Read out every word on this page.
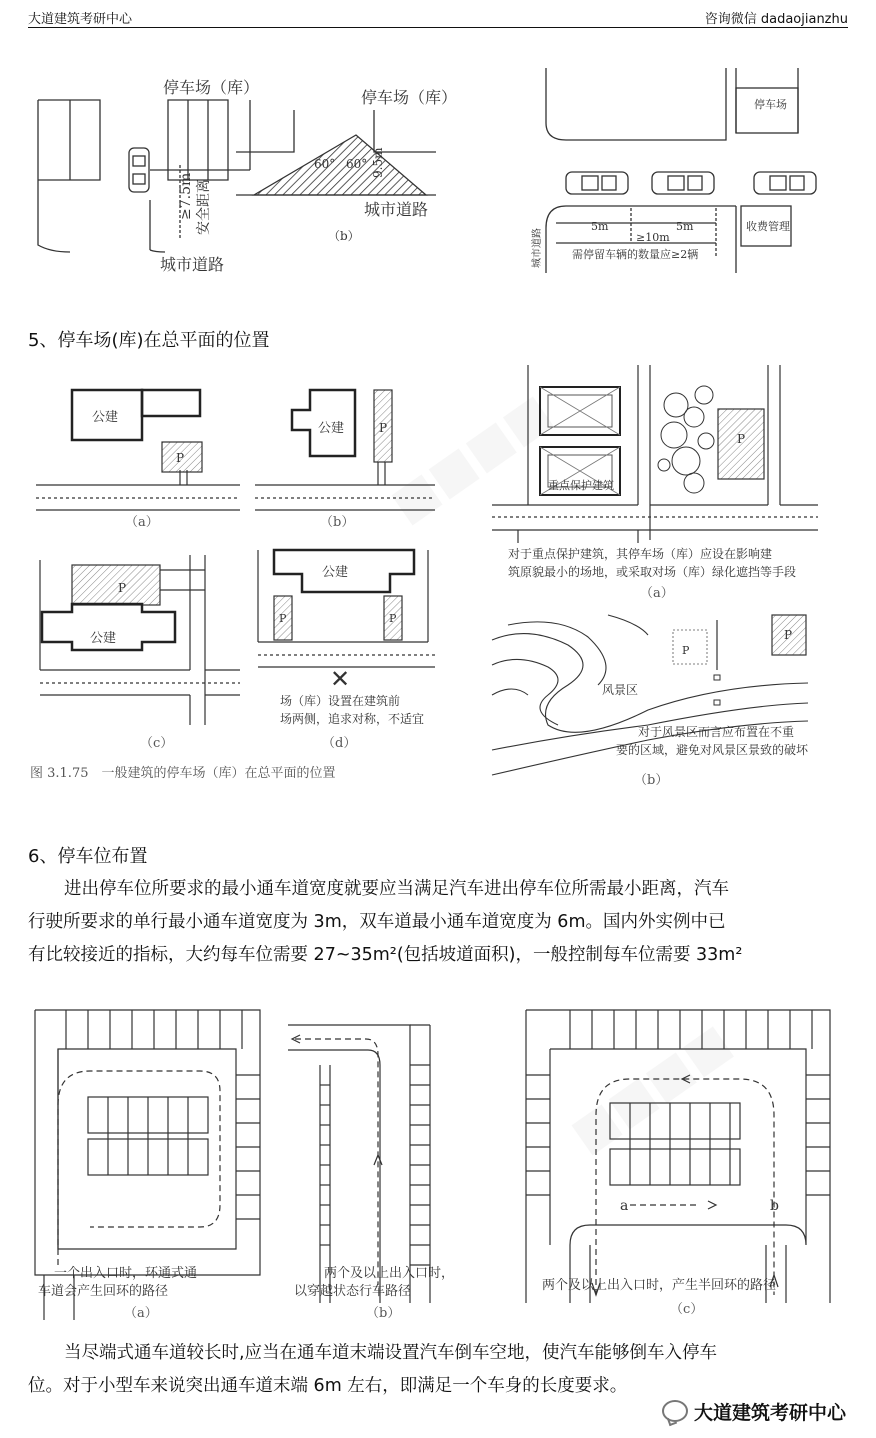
大道建筑考研中心	咨询微信 dadaojianzhu
停车场（库）
≥7.5m 安全距离
城市道路
停车场（库）
60° 60° 9.5m
城市道路
（b）
停车场
收费管理
城市道路
5m	5m
≥10m
需停留车辆的数量应≥2辆
5、停车场(库)在总平面的位置
公建
P
（a）
公建	P
（b）
P
公建
（c）
公建
P	P
✕
场（库）设置在建筑前
场两侧，追求对称，不适宜
（d）
图 3.1.75　一般建筑的停车场（库）在总平面的位置
重点保护建筑
P
对于重点保护建筑，其停车场（库）应设在影响建
筑原貌最小的场地，或采取对场（库）绿化遮挡等手段
（a）
P
P
风景区
对于风景区而言应布置在不重
要的区域，避免对风景区景致的破坏
（b）
6、停车位布置
进出停车位所要求的最小通车道宽度就要应当满足汽车进出停车位所需最小距离，汽车
行驶所要求的单行最小通车道宽度为 3m，双车道最小通车道宽度为 6m。国内外实例中已
有比较接近的指标，大约每车位需要 27~35m²(包括坡道面积)，一般控制每车位需要 33m²
a	b
一个出入口时，环通式通
车道会产生回环的路径
（a）
两个及以上出入口时，
以穿越状态行车路径
（b）
两个及以上出入口时，产生半回环的路径
（c）
当尽端式通车道较长时,应当在通车道末端设置汽车倒车空地，使汽车能够倒车入停车
位。对于小型车来说突出通车道末端 6m 左右，即满足一个车身的长度要求。
大道建筑考研中心
